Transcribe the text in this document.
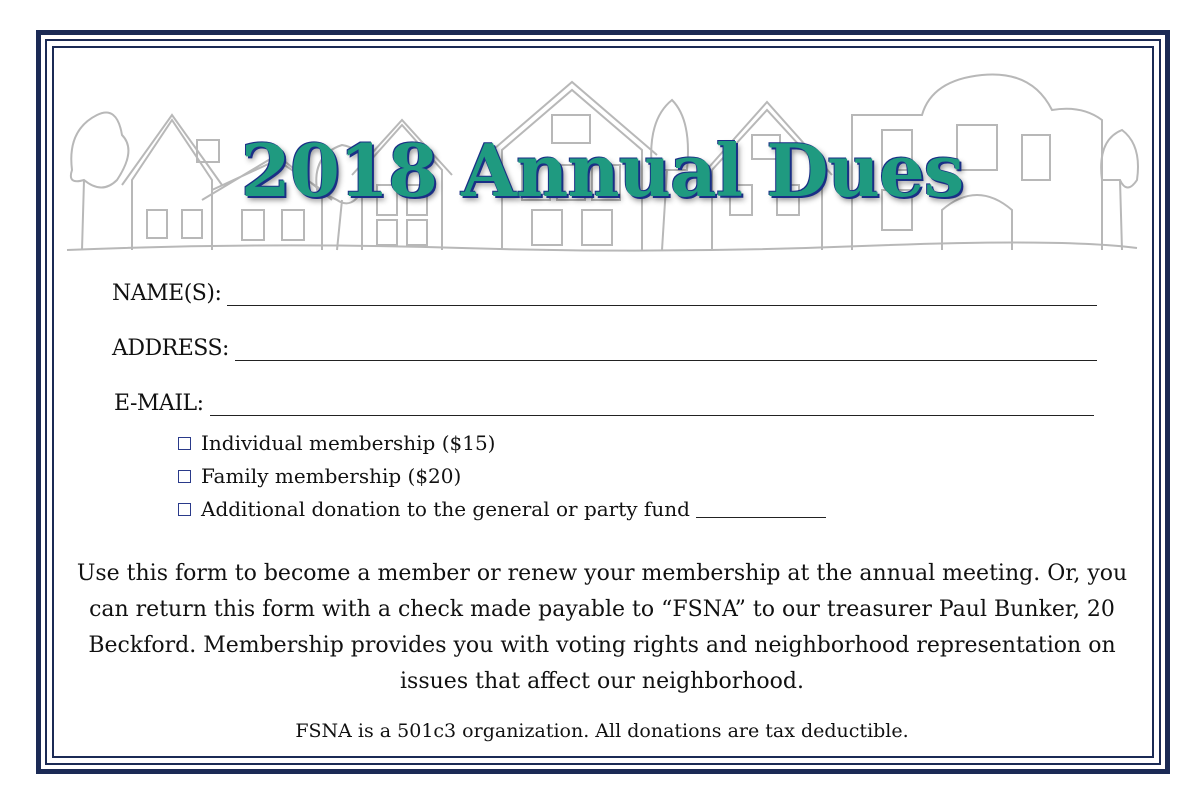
2018 Annual Dues
NAME(S):
ADDRESS:
E-MAIL:
Individual membership ($15)
Family membership ($20)
Additional donation to the general or party fund
Use this form to become a member or renew your membership at the annual meeting. Or, you can return this form with a check made payable to “FSNA” to our treasurer Paul Bunker, 20 Beckford. Membership provides you with voting rights and neighborhood representation on issues that affect our neighborhood.
FSNA is a 501c3 organization. All donations are tax deductible.
